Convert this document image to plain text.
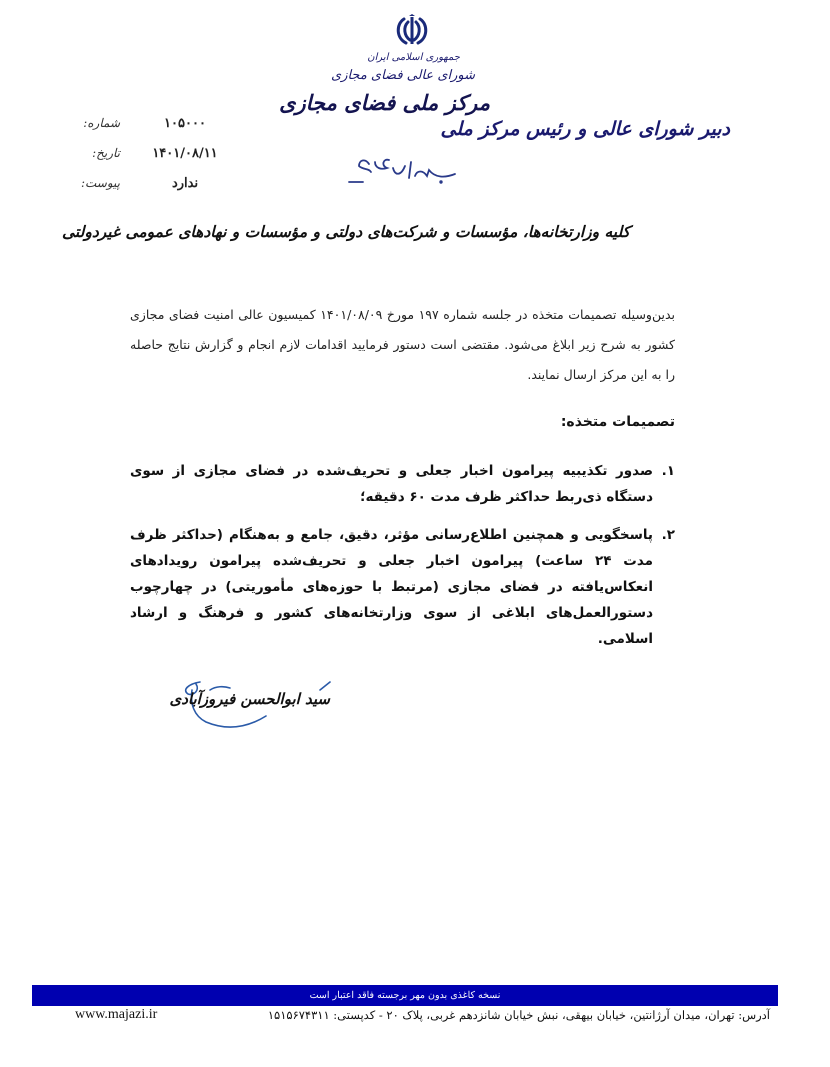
جمهوری اسلامی ایران
شورای عالی فضای مجازی
مرکز ملی فضای مجازی
دبیر شورای عالی و رئیس مرکز ملی
شماره:	۱۰۵۰۰۰
تاریخ:	۱۴۰۱/۰۸/۱۱
پیوست:	ندارد
کلیه وزارتخانه‌ها، مؤسسات و شرکت‌های دولتی و مؤسسات و نهادهای عمومی غیردولتی

بدین‌وسیله تصمیمات متخذه در جلسه شماره ۱۹۷ مورخ ۱۴۰۱/۰۸/۰۹ کمیسیون عالی امنیت فضای مجازی کشور به شرح زیر ابلاغ می‌شود. مقتضی است دستور فرمایید اقدامات لازم انجام و گزارش نتایج حاصله را به این مرکز ارسال نمایند.

تصمیمات متخذه:
۱.
صدور تکذیبیه پیرامون اخبار جعلی و تحریف‌شده در فضای مجازی از سوی دستگاه ذی‌ربط حداکثر ظرف مدت ۶۰ دقیقه؛
۲.
پاسخگویی و همچنین اطلاع‌رسانی مؤثر، دقیق، جامع و به‌هنگام (حداکثر ظرف مدت ۲۴ ساعت) پیرامون اخبار جعلی و تحریف‌شده پیرامون رویدادهای انعکاس‌یافته در فضای مجازی (مرتبط با حوزه‌های مأموریتی) در چهارچوب دستورالعمل‌های ابلاغی از سوی وزارتخانه‌های کشور و فرهنگ و ارشاد اسلامی.
سید ابوالحسن فیروزآبادی
نسخه کاغذی بدون مهر برجسته فاقد اعتبار است
آدرس: تهران، میدان آرژانتین، خیابان بیهقی، نبش خیابان شانزدهم غربی، پلاک ۲۰ - کدپستی: ۱۵۱۵۶۷۴۳۱۱
www.majazi.ir
